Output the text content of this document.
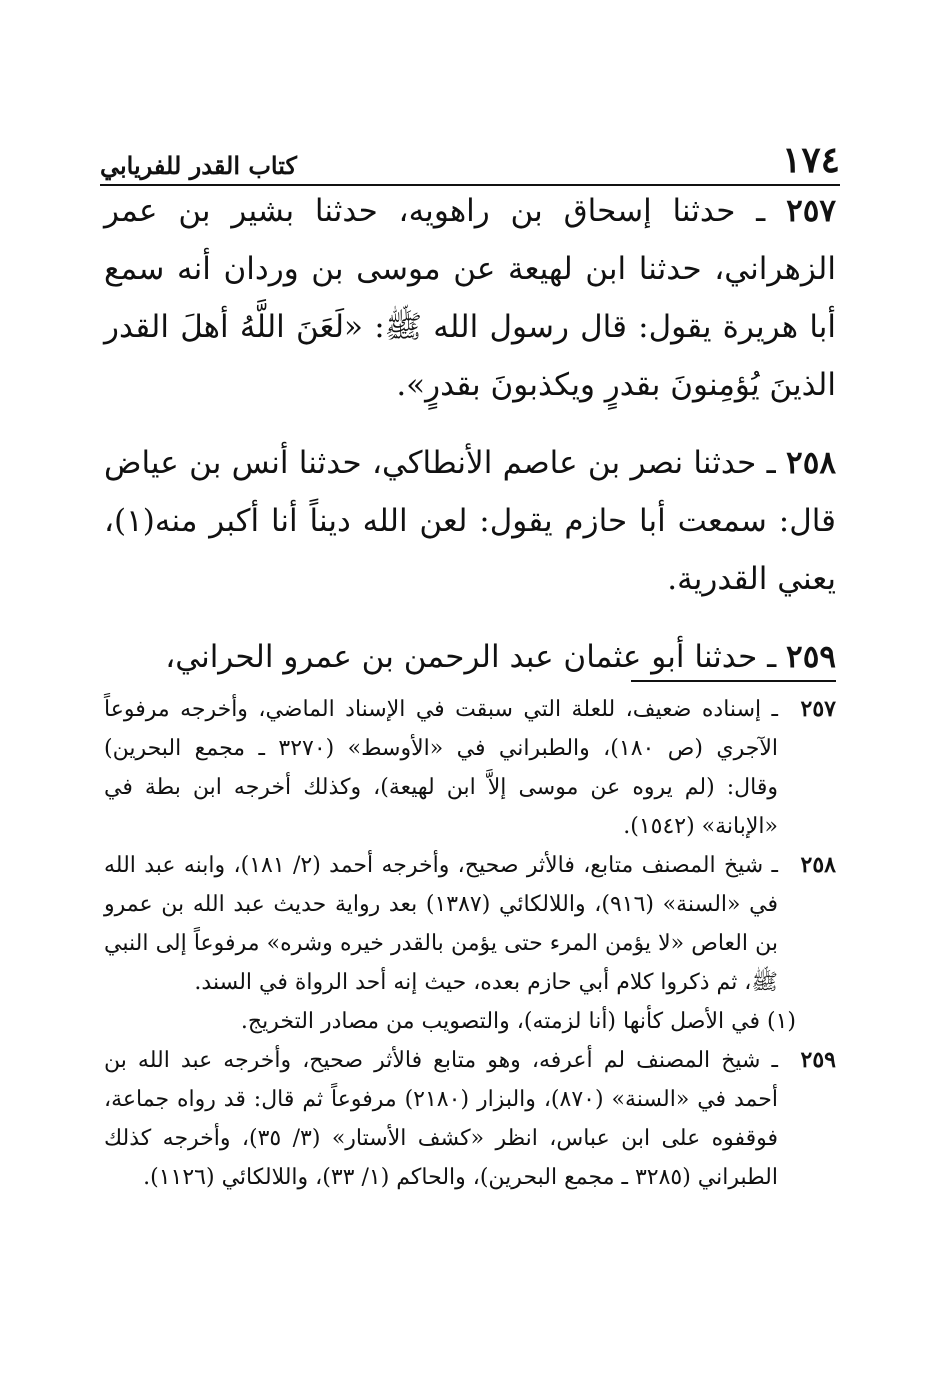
١٧٤
كتاب القدر للفريابي

٢٥٧ ـ حدثنا إسحاق بن راهويه، حدثنا بشير بن عمر الزهراني، حدثنا ابن لهيعة عن موسى بن وردان أنه سمع أبا هريرة يقول: قال رسول الله ﷺ: «لَعَنَ اللَّهُ أهلَ القدر الذينَ يُؤمِنونَ بقدرٍ ويكذبونَ بقدرٍ».

٢٥٨ ـ حدثنا نصر بن عاصم الأنطاكي، حدثنا أنس بن عياض قال: سمعت أبا حازم يقول: لعن الله ديناً أنا أكبر منه(١)، يعني القدرية.

٢٥٩ ـ حدثنا أبو عثمان عبد الرحمن بن عمرو الحراني،

٢٥٧
ـ إسناده ضعيف، للعلة التي سبقت في الإسناد الماضي، وأخرجه مرفوعاً الآجري (ص ١٨٠)، والطبراني في «الأوسط» (٣٢٧٠ ـ مجمع البحرين) وقال: (لم يروه عن موسى إلاَّ ابن لهيعة)، وكذلك أخرجه ابن بطة في «الإبانة» (١٥٤٢).
٢٥٨
ـ شيخ المصنف متابع، فالأثر صحيح، وأخرجه أحمد (٢/ ١٨١)، وابنه عبد الله في «السنة» (٩١٦)، واللالكائي (١٣٨٧) بعد رواية حديث عبد الله بن عمرو بن العاص «لا يؤمن المرء حتى يؤمن بالقدر خيره وشره» مرفوعاً إلى النبي ﷺ، ثم ذكروا كلام أبي حازم بعده، حيث إنه أحد الرواة في السند.

(١) في الأصل كأنها (أنا لزمته)، والتصويب من مصادر التخريج.

٢٥٩
ـ شيخ المصنف لم أعرفه، وهو متابع فالأثر صحيح، وأخرجه عبد الله بن أحمد في «السنة» (٨٧٠)، والبزار (٢١٨٠) مرفوعاً ثم قال: قد رواه جماعة، فوقفوه على ابن عباس، انظر «كشف الأستار» (٣/ ٣٥)، وأخرجه كذلك الطبراني (٣٢٨٥ ـ مجمع البحرين)، والحاكم (١/ ٣٣)، واللالكائي (١١٢٦).
